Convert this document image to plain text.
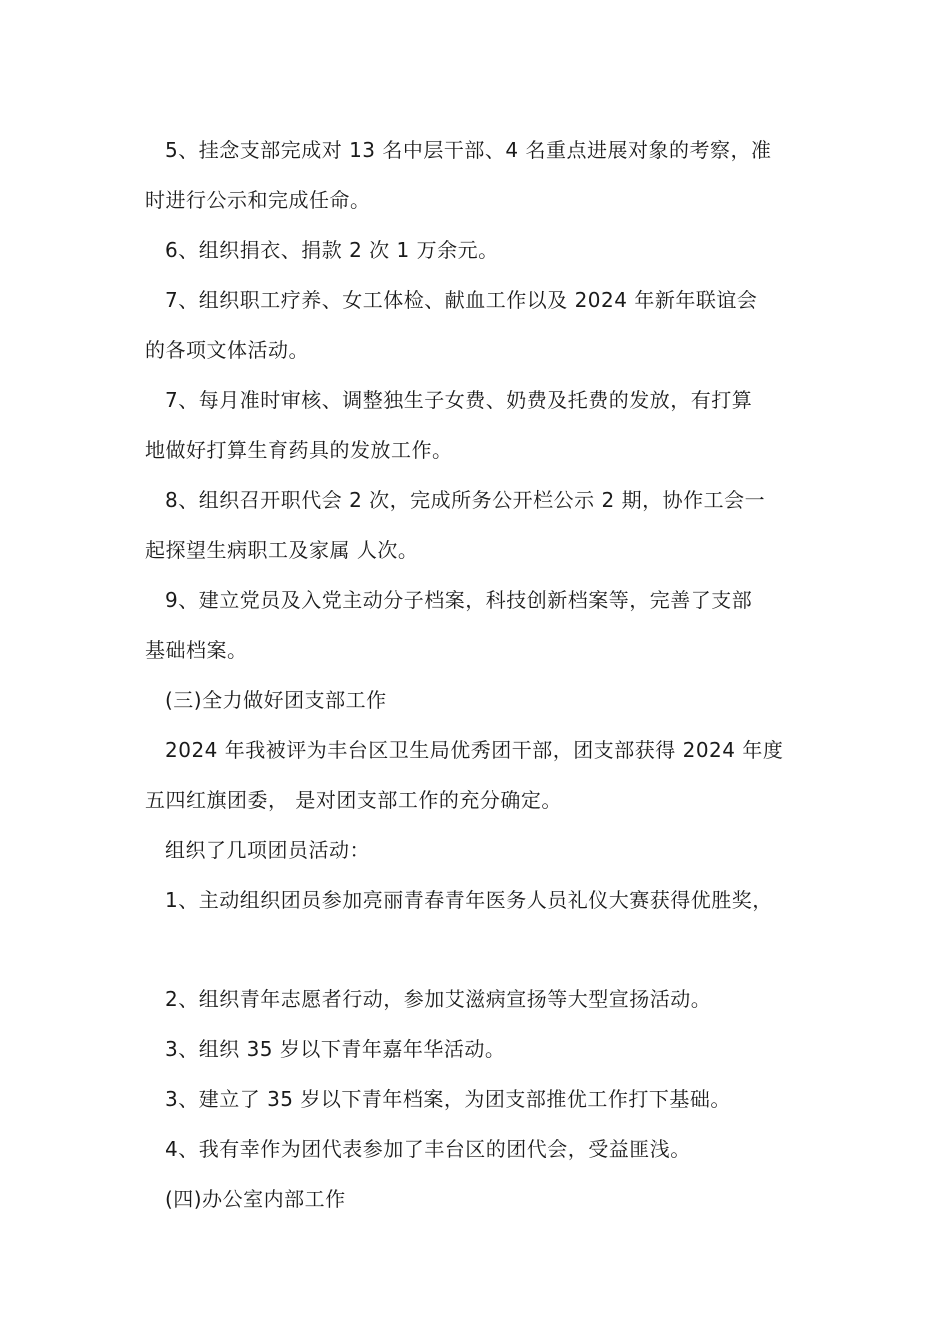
5、挂念支部完成对 13 名中层干部、4 名重点进展对象的考察，准
时进行公示和完成任命。
6、组织捐衣、捐款 2 次 1 万余元。
7、组织职工疗养、女工体检、献血工作以及 2024 年新年联谊会
的各项文体活动。
7、每月准时审核、调整独生子女费、奶费及托费的发放，有打算
地做好打算生育药具的发放工作。
8、组织召开职代会 2 次，完成所务公开栏公示 2 期，协作工会一
起探望生病职工及家属 人次。
9、建立党员及入党主动分子档案，科技创新档案等，完善了支部
基础档案。
(三)全力做好团支部工作
2024 年我被评为丰台区卫生局优秀团干部，团支部获得 2024 年度
五四红旗团委， 是对团支部工作的充分确定。
组织了几项团员活动：
1、主动组织团员参加亮丽青春青年医务人员礼仪大赛获得优胜奖，
2、组织青年志愿者行动，参加艾滋病宣扬等大型宣扬活动。
3、组织 35 岁以下青年嘉年华活动。
3、建立了 35 岁以下青年档案，为团支部推优工作打下基础。
4、我有幸作为团代表参加了丰台区的团代会，受益匪浅。
(四)办公室内部工作
